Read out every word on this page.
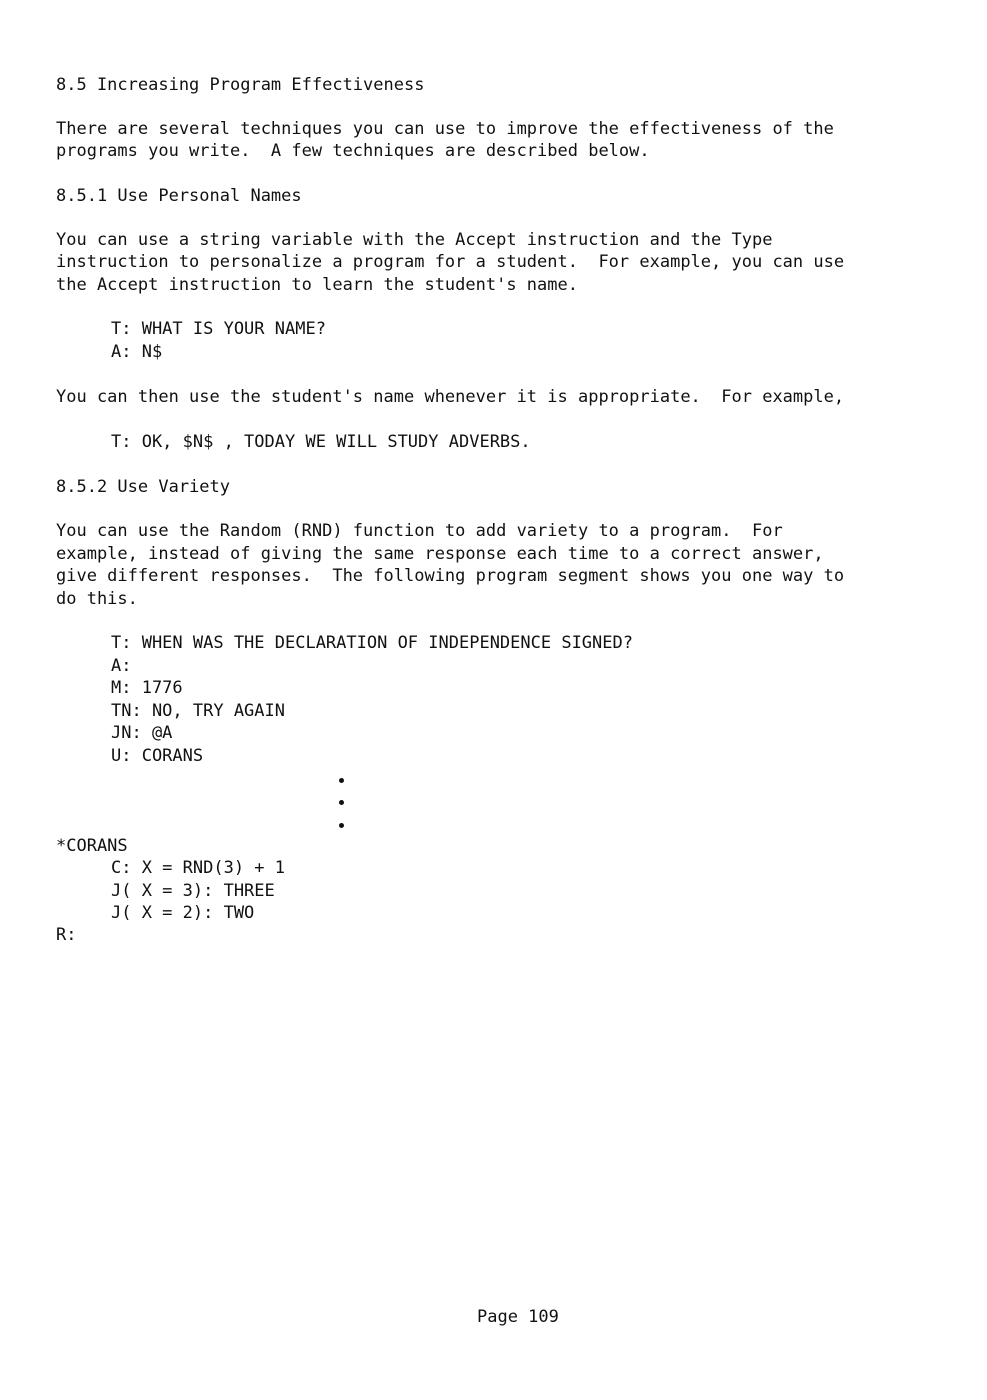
8.5 Increasing Program Effectiveness
There are several techniques you can use to improve the effectiveness of the
programs you write.  A few techniques are described below.
8.5.1 Use Personal Names
You can use a string variable with the Accept instruction and the Type
instruction to personalize a program for a student.  For example, you can use
the Accept instruction to learn the student's name.
T: WHAT IS YOUR NAME?
A: N$
You can then use the student's name whenever it is appropriate.  For example,
T: OK, $N$ , TODAY WE WILL STUDY ADVERBS.
8.5.2 Use Variety
You can use the Random (RND) function to add variety to a program.  For
example, instead of giving the same response each time to a correct answer,
give different responses.  The following program segment shows you one way to
do this.
T: WHEN WAS THE DECLARATION OF INDEPENDENCE SIGNED?
A:
M: 1776
TN: NO, TRY AGAIN
JN: @A
U: CORANS
*CORANS
C: X = RND(3) + 1
J( X = 3): THREE
J( X = 2): TWO
R:
Page 109
